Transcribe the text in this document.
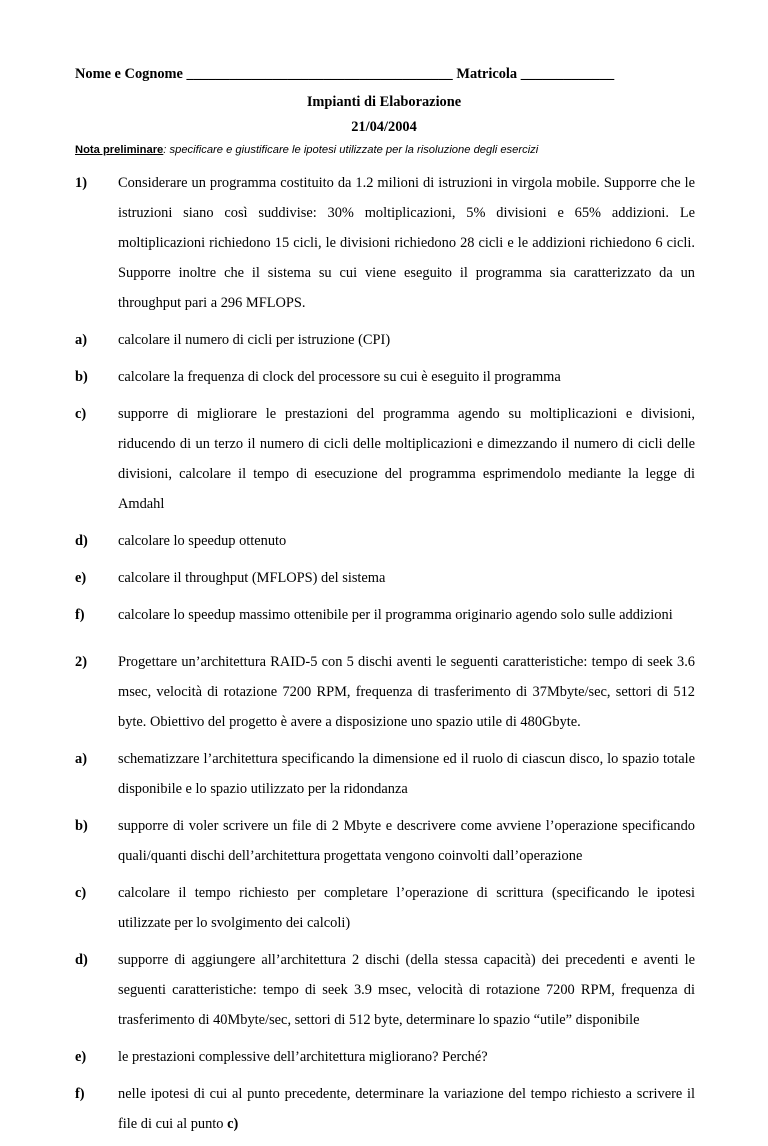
Nome e Cognome _____________________________________ Matricola _____________
Impianti di Elaborazione
21/04/2004
Nota preliminare: specificare e giustificare le ipotesi utilizzate per la risoluzione degli esercizi
1)	Considerare un programma costituito da 1.2 milioni di istruzioni in virgola mobile. Supporre che le istruzioni siano così suddivise: 30% moltiplicazioni, 5% divisioni e 65% addizioni. Le moltiplicazioni richiedono 15 cicli, le divisioni richiedono 28 cicli e le addizioni richiedono 6 cicli. Supporre inoltre che il sistema su cui viene eseguito il programma sia caratterizzato da un throughput pari a 296 MFLOPS.
a)	calcolare il numero di cicli per istruzione (CPI)
b)	calcolare la frequenza di clock del processore su cui è eseguito il programma
c)	supporre di migliorare le prestazioni del programma agendo su moltiplicazioni e divisioni, riducendo di un terzo il numero di cicli delle moltiplicazioni e dimezzando il numero di cicli delle divisioni, calcolare il tempo di esecuzione del programma esprimendolo mediante la legge di Amdahl
d)	calcolare lo speedup ottenuto
e)	calcolare il throughput (MFLOPS) del sistema
f)	calcolare lo speedup massimo ottenibile per il programma originario agendo solo sulle addizioni
2)	Progettare un’architettura RAID-5 con 5 dischi aventi le seguenti caratteristiche: tempo di seek 3.6 msec, velocità di rotazione 7200 RPM, frequenza di trasferimento di 37Mbyte/sec, settori di 512 byte. Obiettivo del progetto è avere a disposizione uno spazio utile di 480Gbyte.
a)	schematizzare l’architettura specificando la dimensione ed il ruolo di ciascun disco, lo spazio totale disponibile e lo spazio utilizzato per la ridondanza
b)	supporre di voler scrivere un file di 2 Mbyte e descrivere come avviene l’operazione specificando quali/quanti dischi dell’architettura progettata vengono coinvolti dall’operazione
c)	calcolare il tempo richiesto per completare l’operazione di scrittura (specificando le ipotesi utilizzate per lo svolgimento dei calcoli)
d)	supporre di aggiungere all’architettura 2 dischi (della stessa capacità) dei precedenti e aventi le seguenti caratteristiche: tempo di seek 3.9 msec, velocità di rotazione 7200 RPM, frequenza di trasferimento di 40Mbyte/sec, settori di 512 byte, determinare lo spazio “utile” disponibile
e)	le prestazioni complessive dell’architettura migliorano? Perché?
f)	nelle ipotesi di cui al punto precedente, determinare la variazione del tempo richiesto a scrivere il file di cui al punto c)
